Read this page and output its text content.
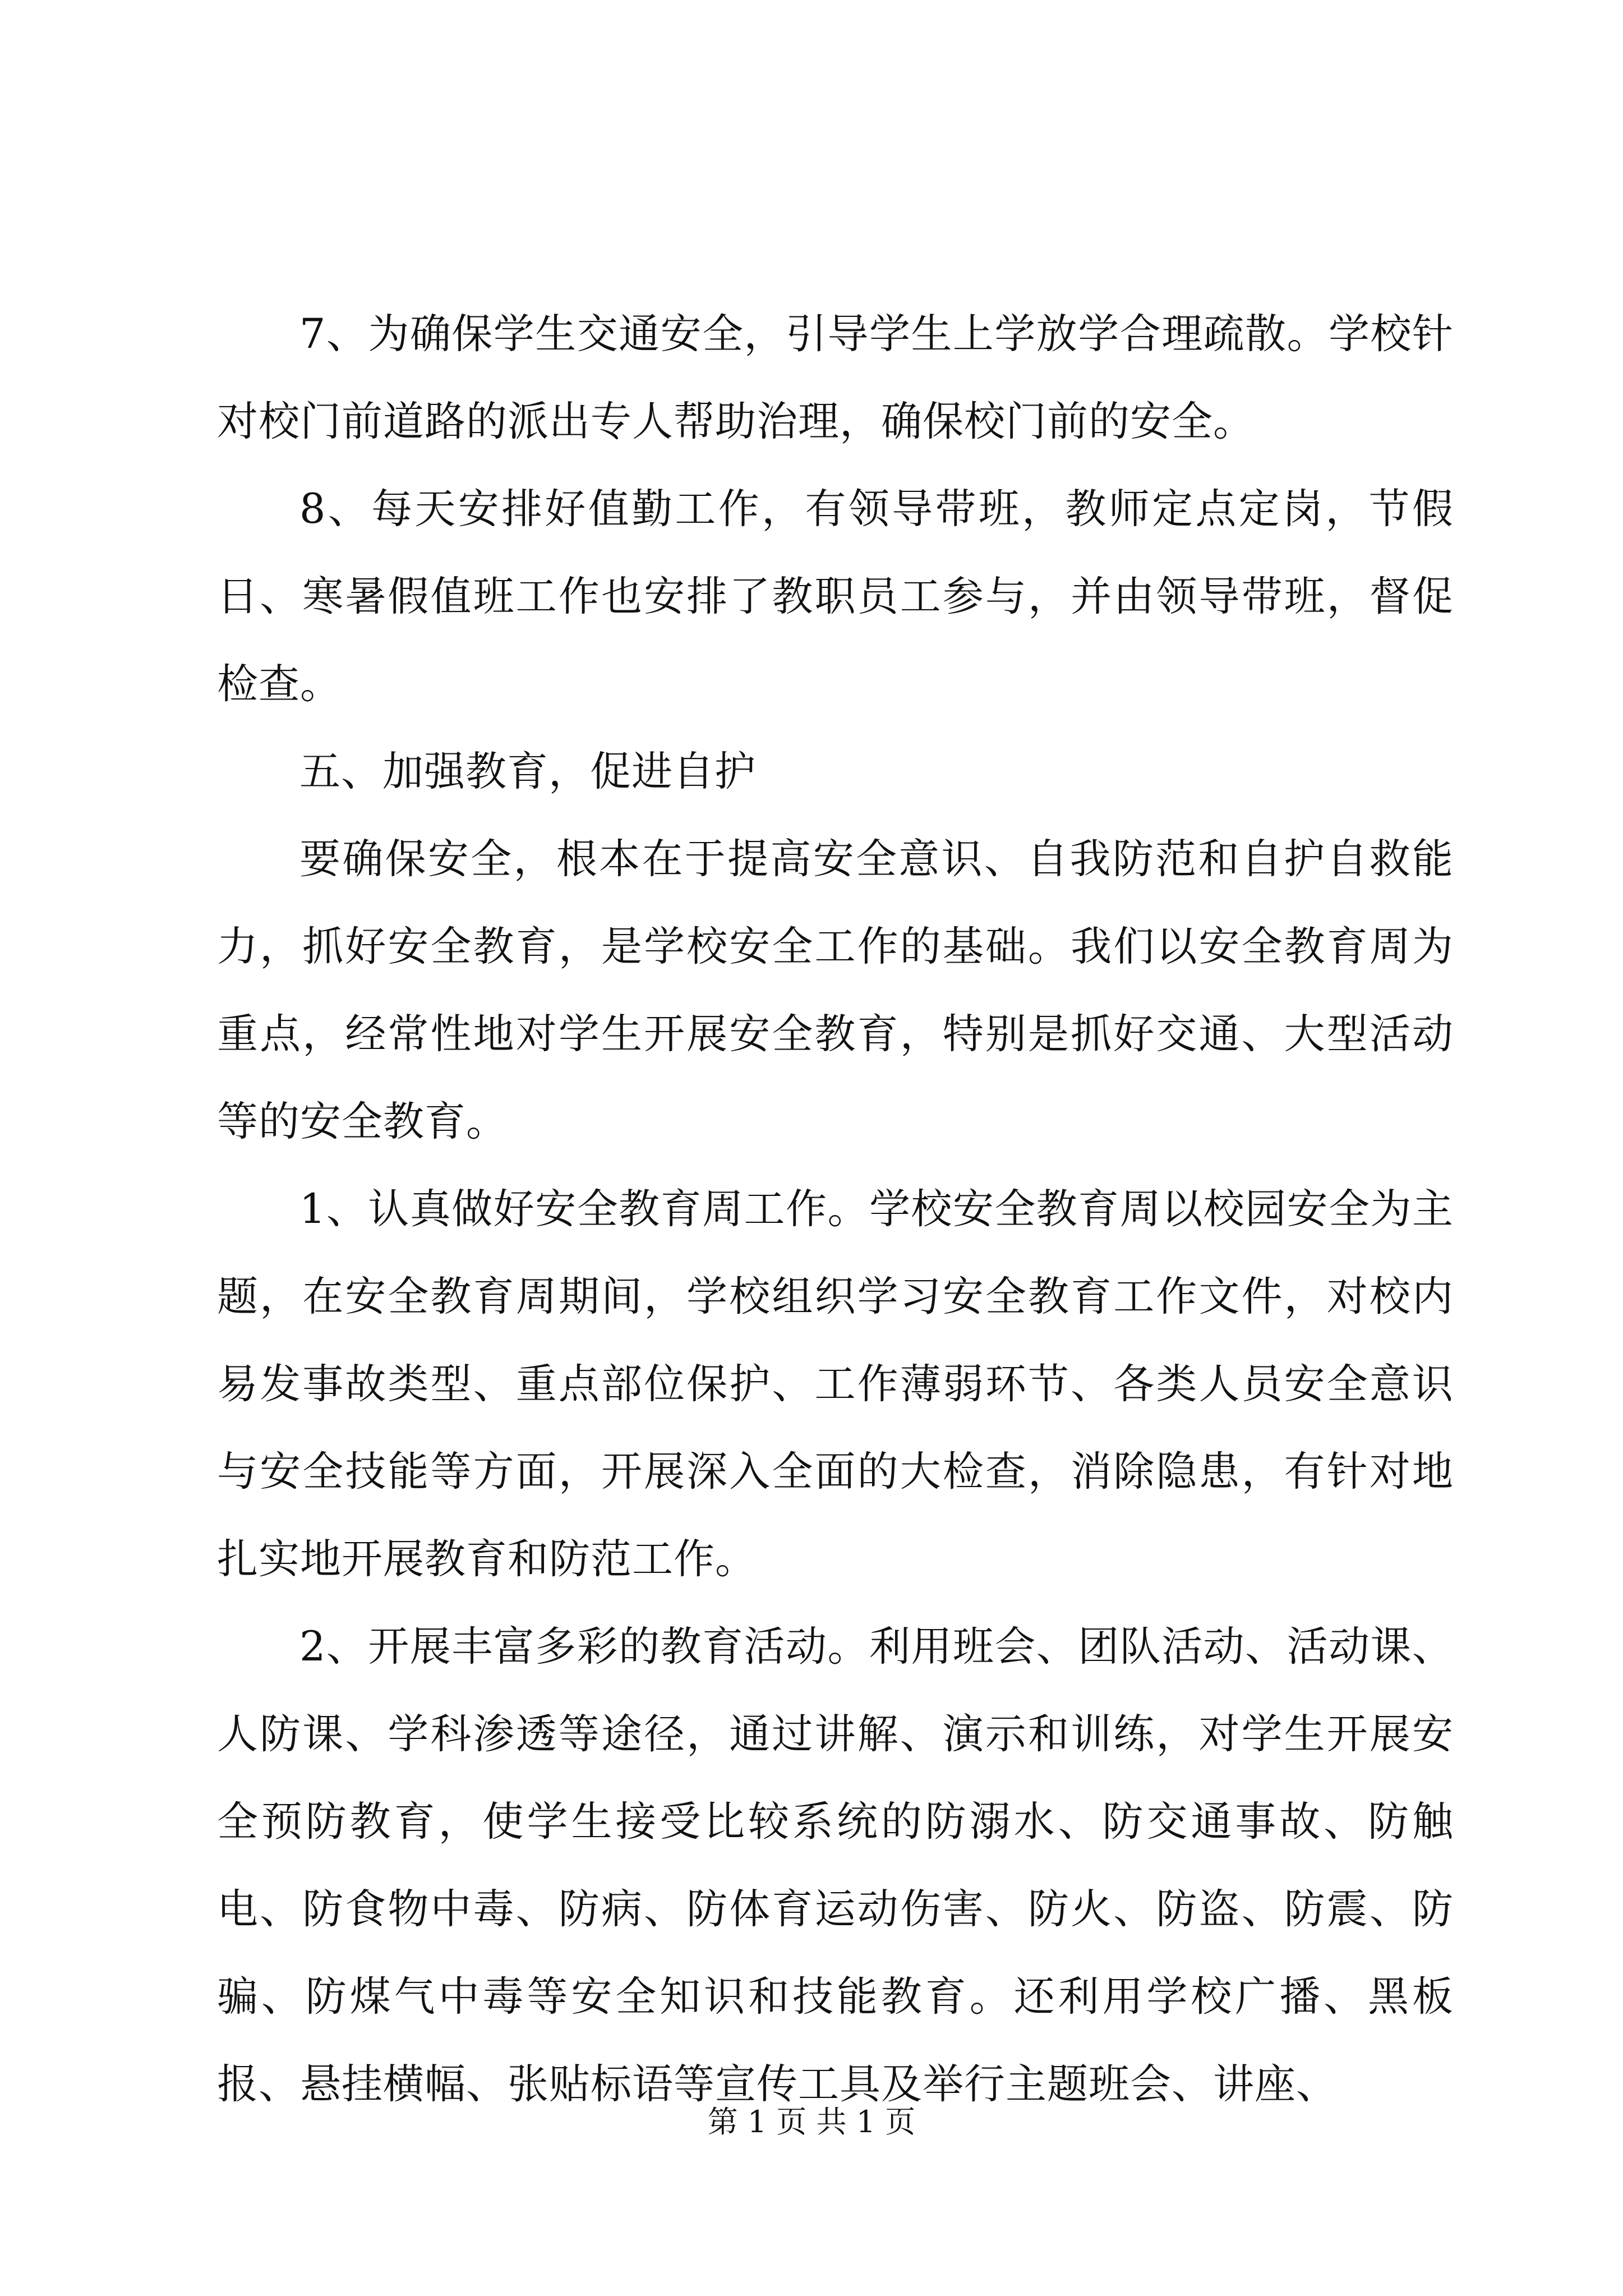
7、为确保学生交通安全，引导学生上学放学合理疏散。学校针对校门前道路的派出专人帮助治理，确保校门前的安全。

8、每天安排好值勤工作，有领导带班，教师定点定岗，节假日、寒暑假值班工作也安排了教职员工参与，并由领导带班，督促检查。

五、加强教育，促进自护

要确保安全，根本在于提高安全意识、自我防范和自护自救能力，抓好安全教育，是学校安全工作的基础。我们以安全教育周为重点，经常性地对学生开展安全教育，特别是抓好交通、大型活动等的安全教育。

1、认真做好安全教育周工作。学校安全教育周以校园安全为主题，在安全教育周期间，学校组织学习安全教育工作文件，对校内易发事故类型、重点部位保护、工作薄弱环节、各类人员安全意识与安全技能等方面，开展深入全面的大检查，消除隐患，有针对地扎实地开展教育和防范工作。

2、开展丰富多彩的教育活动。利用班会、团队活动、活动课、人防课、学科渗透等途径，通过讲解、演示和训练，对学生开展安全预防教育，使学生接受比较系统的防溺水、防交通事故、防触电、防食物中毒、防病、防体育运动伤害、防火、防盗、防震、防骗、防煤气中毒等安全知识和技能教育。还利用学校广播、黑板报、悬挂横幅、张贴标语等宣传工具及举行主题班会、讲座、

第 1 页 共 1 页
